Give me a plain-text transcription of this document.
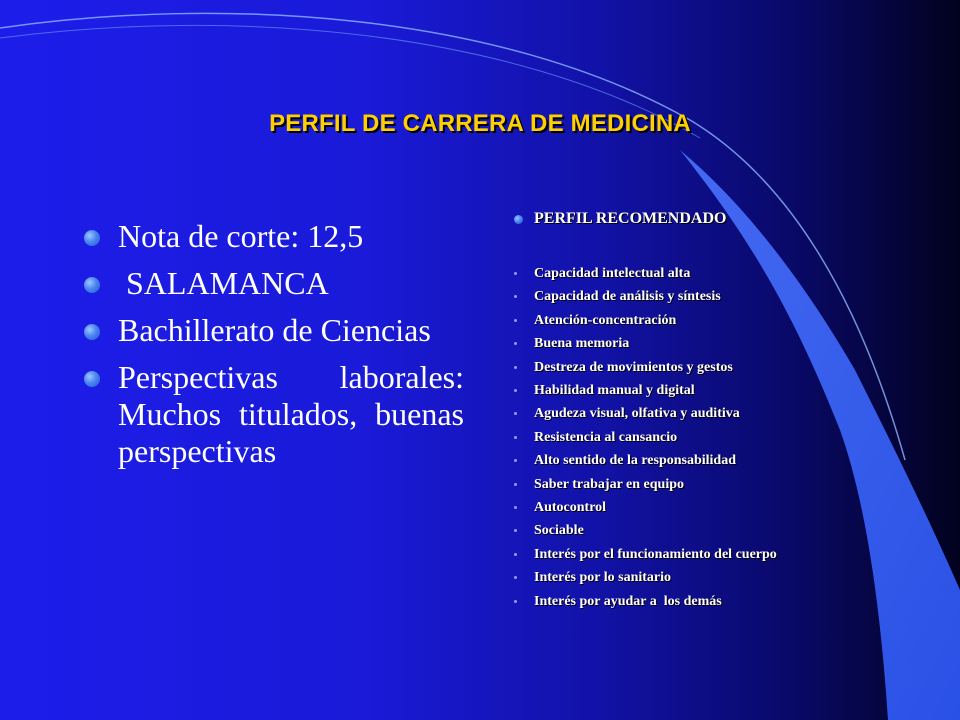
PERFIL DE CARRERA DE MEDICINA
Nota de corte: 12,5
SALAMANCA
Bachillerato de Ciencias
Perspectivas laborales: Muchos titulados, buenas perspectivas
PERFIL RECOMENDADO
Capacidad intelectual alta
Capacidad de análisis y síntesis
Atención-concentración
Buena memoria
Destreza de movimientos y gestos
Habilidad manual y digital
Agudeza visual, olfativa y auditiva
Resistencia al cansancio
Alto sentido de la responsabilidad
Saber trabajar en equipo
Autocontrol
Sociable
Interés por el funcionamiento del cuerpo
Interés por lo sanitario
Interés por ayudar a  los demás
